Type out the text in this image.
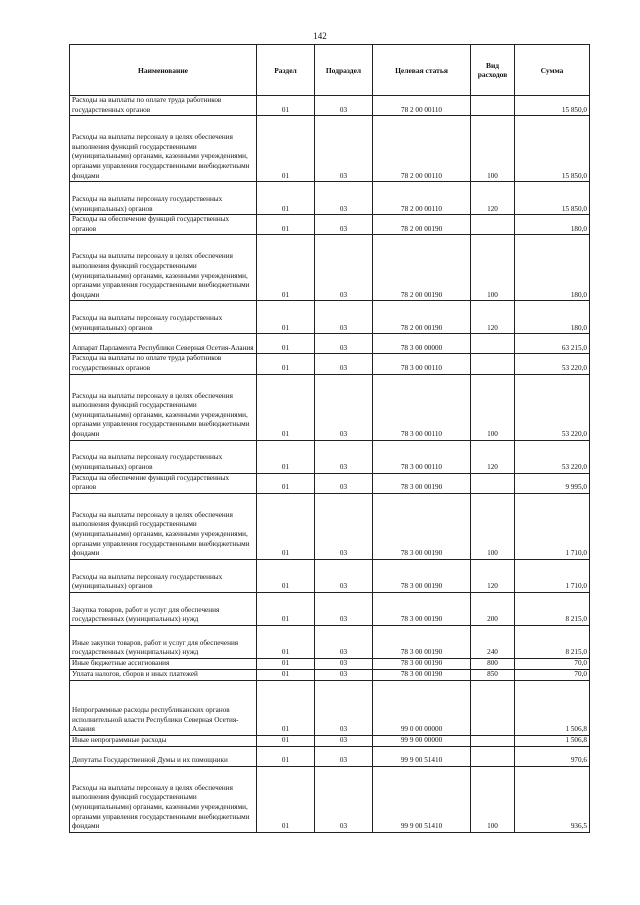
142
Наименование	Раздел	Подраздел	Целевая статья	Вид расходов	Сумма
Расходы на выплаты по оплате труда работников государственных органов	01	03	78 2 00 00110		15 850,0
Расходы на выплаты персоналу в целях обеспечения выполнения функций государственными (муниципальными) органами, казенными учреждениями, органами управления государственными внебюджетными фондами	01	03	78 2 00 00110	100	15 850,0
Расходы на выплаты персоналу государственных (муниципальных) органов	01	03	78 2 00 00110	120	15 850,0
Расходы на обеспечение функций государственных органов	01	03	78 2 00 00190		180,0
Расходы на выплаты персоналу в целях обеспечения выполнения функций государственными (муниципальными) органами, казенными учреждениями, органами управления государственными внебюджетными фондами	01	03	78 2 00 00190	100	180,0
Расходы на выплаты персоналу государственных (муниципальных) органов	01	03	78 2 00 00190	120	180,0
Аппарат Парламента Республики Северная Осетия-Алания	01	03	78 3 00 00000		63 215,0
Расходы на выплаты по оплате труда работников государственных органов	01	03	78 3 00 00110		53 220,0
Расходы на выплаты персоналу в целях обеспечения выполнения функций государственными (муниципальными) органами, казенными учреждениями, органами управления государственными внебюджетными фондами	01	03	78 3 00 00110	100	53 220,0
Расходы на выплаты персоналу государственных (муниципальных) органов	01	03	78 3 00 00110	120	53 220,0
Расходы на обеспечение функций государственных органов	01	03	78 3 00 00190		9 995,0
Расходы на выплаты персоналу в целях обеспечения выполнения функций государственными (муниципальными) органами, казенными учреждениями, органами управления государственными внебюджетными фондами	01	03	78 3 00 00190	100	1 710,0
Расходы на выплаты персоналу государственных (муниципальных) органов	01	03	78 3 00 00190	120	1 710,0
Закупка товаров, работ и услуг для обеспечения государственных (муниципальных) нужд	01	03	78 3 00 00190	200	8 215,0
Иные закупки товаров, работ и услуг для обеспечения государственных (муниципальных) нужд	01	03	78 3 00 00190	240	8 215,0
Иные бюджетные ассигнования	01	03	78 3 00 00190	800	70,0
Уплата налогов, сборов и иных платежей	01	03	78 3 00 00190	850	70,0
Непрограммные расходы республиканских органов исполнительной власти Республики Северная Осетия-Алания	01	03	99 0 00 00000		1 506,8
Иные непрограммные расходы	01	03	99 9 00 00000		1 506,8
Депутаты Государственной Думы и их помощники	01	03	99 9 00 51410		970,6
Расходы на выплаты персоналу в целях обеспечения выполнения функций государственными (муниципальными) органами, казенными учреждениями, органами управления государственными внебюджетными фондами	01	03	99 9 00 51410	100	936,5
